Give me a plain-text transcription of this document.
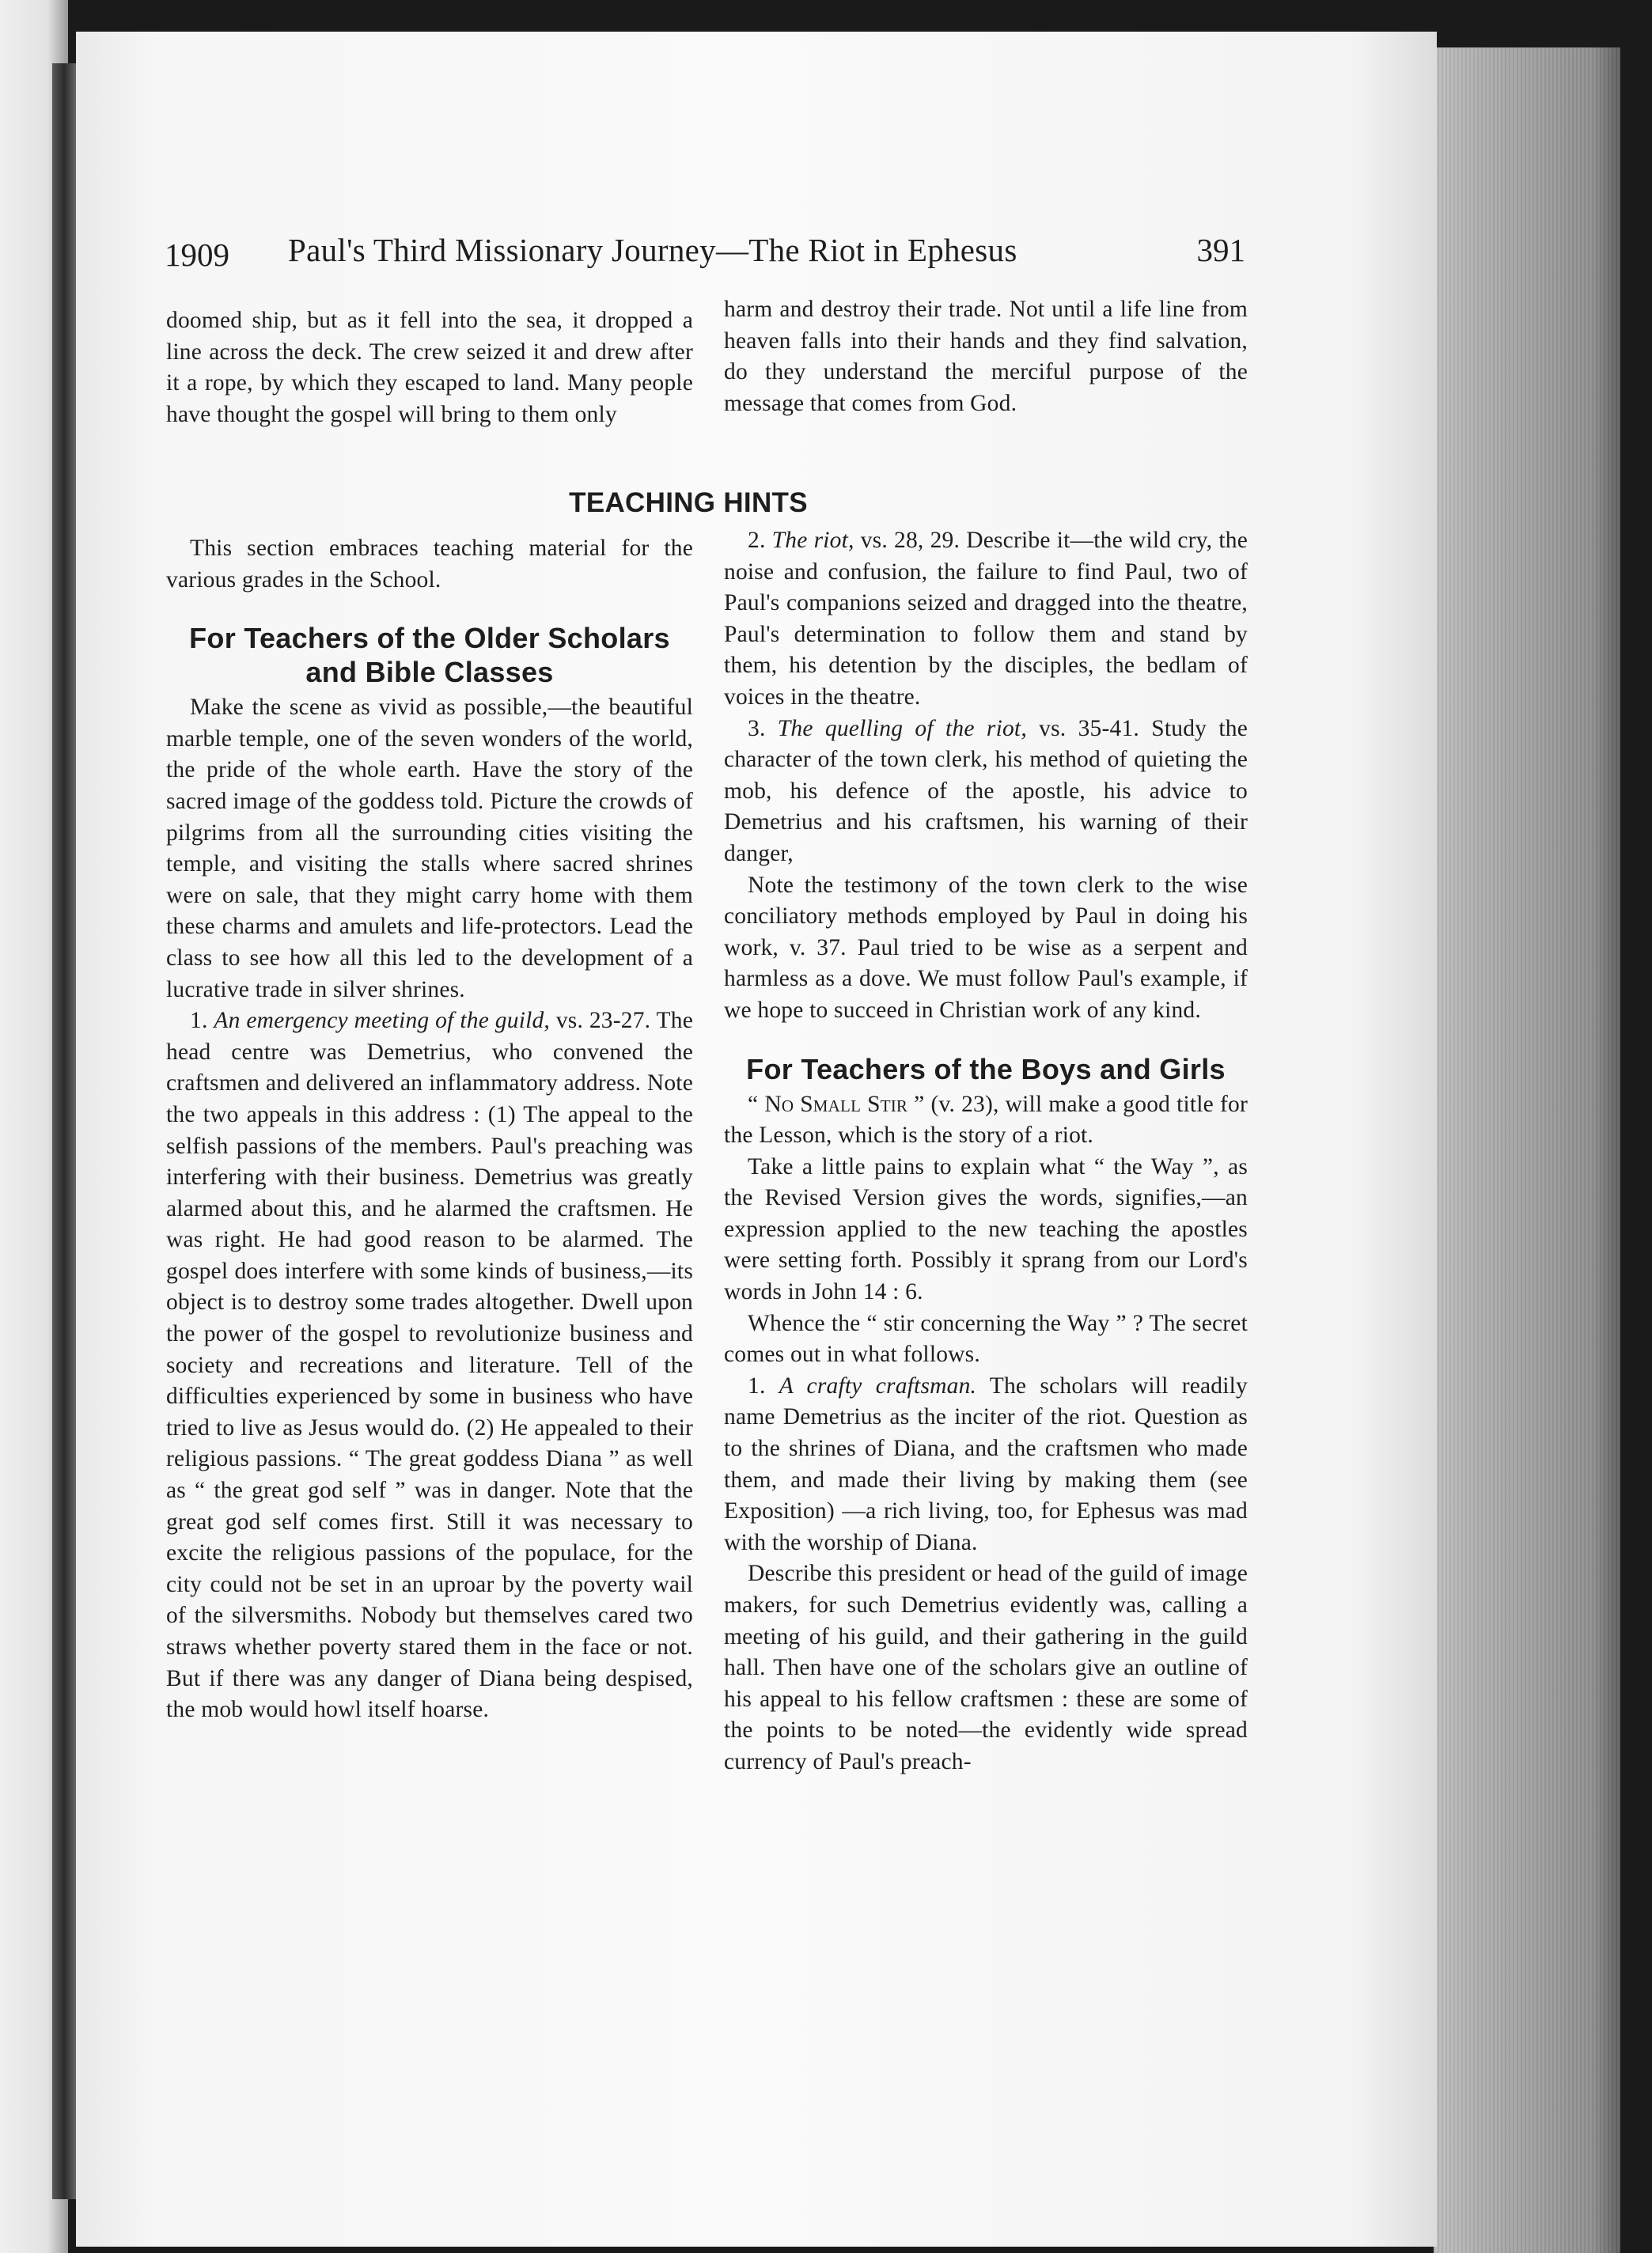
1909 Paul's Third Missionary Journey—The Riot in Ephesus	391

doomed ship, but as it fell into the sea, it dropped a line across the deck. The crew seized it and drew after it a rope, by which they escaped to land. Many people have thought the gospel will bring to them only

harm and destroy their trade. Not until a life line from heaven falls into their hands and they find salvation, do they understand the merciful purpose of the message that comes from God.

TEACHING HINTS

This section embraces teaching material for the various grades in the School.

For Teachers of the Older Scholars
and Bible Classes

Make the scene as vivid as possible,—the beautiful marble temple, one of the seven wonders of the world, the pride of the whole earth. Have the story of the sacred image of the goddess told. Picture the crowds of pilgrims from all the surrounding cities visiting the temple, and visiting the stalls where sacred shrines were on sale, that they might carry home with them these charms and amulets and life-protectors. Lead the class to see how all this led to the development of a lucrative trade in silver shrines.

1. An emergency meeting of the guild, vs. 23-27. The head centre was Demetrius, who convened the craftsmen and delivered an inflammatory address. Note the two appeals in this address : (1) The appeal to the selfish passions of the members. Paul's preaching was interfering with their business. Demetrius was greatly alarmed about this, and he alarmed the craftsmen. He was right. He had good reason to be alarmed. The gospel does interfere with some kinds of business,—its object is to destroy some trades altogether. Dwell upon the power of the gospel to revolutionize business and society and recreations and literature. Tell of the difficulties experienced by some in business who have tried to live as Jesus would do. (2) He appealed to their religious passions. “ The great goddess Diana ” as well as “ the great god self ” was in danger. Note that the great god self comes first. Still it was necessary to excite the religious passions of the populace, for the city could not be set in an uproar by the poverty wail of the silversmiths. Nobody but themselves cared two straws whether poverty stared them in the face or not. But if there was any danger of Diana being despised, the mob would howl itself hoarse.

2. The riot, vs. 28, 29. Describe it—the wild cry, the noise and confusion, the failure to find Paul, two of Paul's companions seized and dragged into the theatre, Paul's determination to follow them and stand by them, his detention by the disciples, the bedlam of voices in the theatre.

3. The quelling of the riot, vs. 35-41. Study the character of the town clerk, his method of quieting the mob, his defence of the apostle, his advice to Demetrius and his craftsmen, his warning of their danger,

Note the testimony of the town clerk to the wise conciliatory methods employed by Paul in doing his work, v. 37. Paul tried to be wise as a serpent and harmless as a dove. We must follow Paul's example, if we hope to succeed in Christian work of any kind.

For Teachers of the Boys and Girls

“ No Small Stir ” (v. 23), will make a good title for the Lesson, which is the story of a riot.

Take a little pains to explain what “ the Way ”, as the Revised Version gives the words, signifies,—an expression applied to the new teaching the apostles were setting forth. Possibly it sprang from our Lord's words in John 14 : 6.

Whence the “ stir concerning the Way ” ? The secret comes out in what follows.

1. A crafty craftsman. The scholars will readily name Demetrius as the inciter of the riot. Question as to the shrines of Diana, and the craftsmen who made them, and made their living by making them (see Exposition) —a rich living, too, for Ephesus was mad with the worship of Diana.

Describe this president or head of the guild of image makers, for such Demetrius evidently was, calling a meeting of his guild, and their gathering in the guild hall. Then have one of the scholars give an outline of his appeal to his fellow craftsmen : these are some of the points to be noted—the evidently wide spread currency of Paul's preach-
